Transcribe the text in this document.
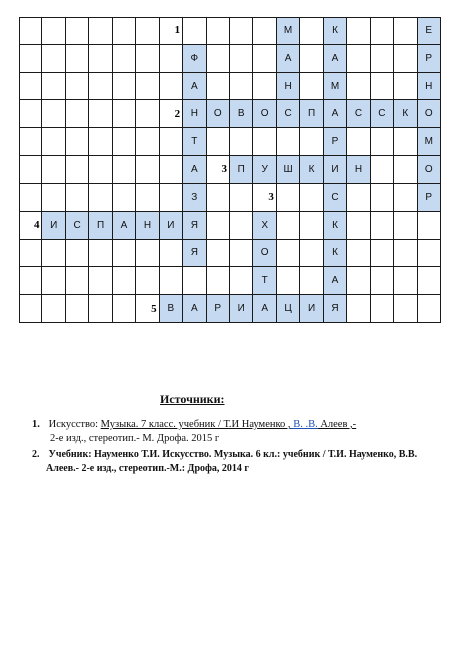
1	М	К	Е
Ф	А	А	Р
А	Н	М	Н
2 Н О В О С П А С С К О
Т	Р	М
А 3 П У Ш К И Н	О
З	3	С	Р
4 И С П А Н И Я	Х	К
Я	О	К
Т	А
5 В А Р И А Ц И Я
Источники:
1. Искусство: Музыка. 7 класс. учебник / Т.И Науменко , В. .В. Алеев ,-
2-е изд., стереотип.- М. Дрофа. 2015 г
2. Учебник: Науменко Т.И. Искусство. Музыка. 6 кл.: учебник / Т.И. Науменко, В.В.
Алеев.- 2-е изд., стереотип.-М.: Дрофа, 2014 г
